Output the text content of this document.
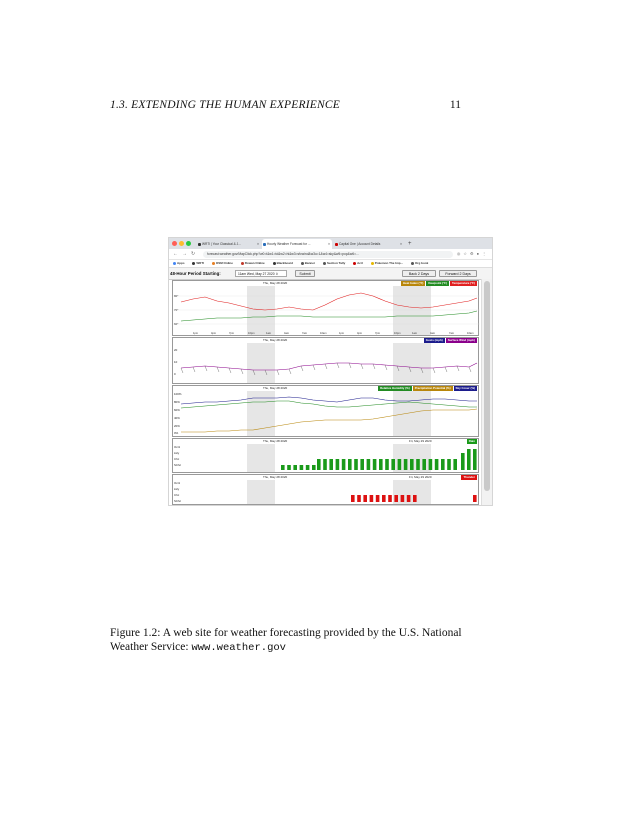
1.3. EXTENDING THE HUMAN EXPERIENCE	11
WRTI | Your Classical & J...	×	Hourly Weather Forecast for ...	×	Capital One | Account Details	× +
← → ↻	forecast.weather.gov/MapClick.php?w0=t&w1=td&w2=hi&w3=sfcwind&w3u=1&w4=sky&w5=pop&w6=...	◎☆⚙●⋮
Apps	WRTI	OSM Online	Rowan Online	Blackboard	Banner	Section Tally	Acrl	Pokemon The Imp...	Org book
48-Hour Period Starting:	11am Wed, May 27 2020 ⇕	Submit	Back 2 Days	Forward 2 Days
Thu, May 28 2020	Heat Index (°F) Dewpoint (°F) Temperature (°F)
80°
70°
60°
1pm	4pm	7pm	10pm	1am	4am	7am	10am	1pm	4pm	7pm	10pm	1am	4am	7am	10am
Thu, May 28 2020	Gusts (mph) Surface Wind (mph)
20
10
0
Thu, May 28 2020	Relative Humidity (%) Precipitation Potential (%) Sky Cover (%)
100%
80%
60%
40%
20%
0%
Thu, May 28 2020	Fri, May 29 2020	Rain
Ocnl
Lkly
Chc
SChc
Thu, May 28 2020	Fri, May 29 2020	Thunder
Ocnl
Lkly
Chc
SChc
Figure 1.2: A web site for weather forecasting provided by the U.S. National Weather Service: www.weather.gov
